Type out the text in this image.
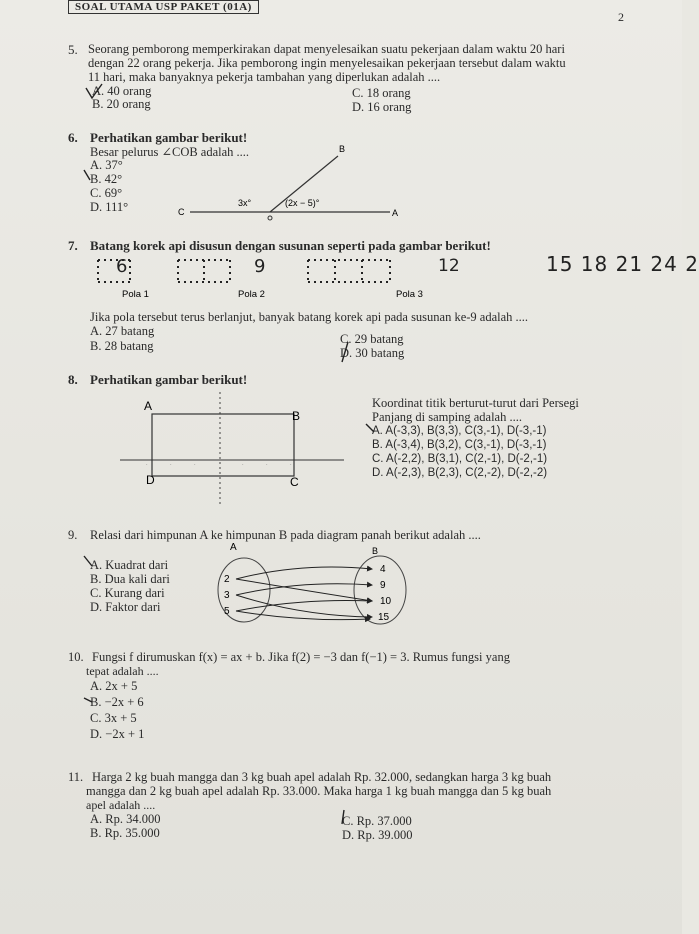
SOAL UTAMA USP PAKET (01A)
2
5. Seorang pemborong memperkirakan dapat menyelesaikan suatu pekerjaan dalam waktu 20 hari
dengan 22 orang pekerja. Jika pemborong ingin menyelesaikan pekerjaan tersebut dalam waktu
11 hari, maka banyaknya pekerja tambahan yang diperlukan adalah ....
A. 40 orang
B. 20 orang
C. 18 orang
D. 16 orang
6. Perhatikan gambar berikut!
Besar pelurus ∠COB adalah ....
A. 37°
B. 42°
C. 69°
D. 111°
B
C	A
3x°	(2x − 5)°
7. Batang korek api disusun dengan susunan seperti pada gambar berikut!
Pola 1	Pola 2	Pola 3
6	9	12	15 18 21 24 2
Jika pola tersebut terus berlanjut, banyak batang korek api pada susunan ke-9 adalah ....
A. 27 batang
B. 28 batang	C. 29 batang
D. 30 batang
8. Perhatikan gambar berikut!
·	·	·	·	·	·
A
B
C
D
Koordinat titik berturut-turut dari Persegi
Panjang di samping adalah ....
A. A(-3,3), B(3,3), C(3,-1), D(-3,-1)
B. A(-3,4), B(3,2), C(3,-1), D(-3,-1)
C. A(-2,2), B(3,1), C(2,-1), D(-2,-1)
D. A(-2,3), B(2,3), C(2,-2), D(-2,-2)
9. Relasi dari himpunan A ke himpunan B pada diagram panah berikut adalah ....
A. Kuadrat dari
B. Dua kali dari
C. Kurang dari
D. Faktor dari
A	B
2
3
5
4
9
10
15
10. Fungsi f dirumuskan f(x) = ax + b. Jika f(2) = −3 dan f(−1) = 3. Rumus fungsi yang
tepat adalah ....
A. 2x + 5
B. −2x + 6
C. 3x + 5
D. −2x + 1
11. Harga 2 kg buah mangga dan 3 kg buah apel adalah Rp. 32.000, sedangkan harga 3 kg buah
mangga dan 2 kg buah apel adalah Rp. 33.000. Maka harga 1 kg buah mangga dan 5 kg buah
apel adalah ....
A. Rp. 34.000
B. Rp. 35.000
C. Rp. 37.000
D. Rp. 39.000
